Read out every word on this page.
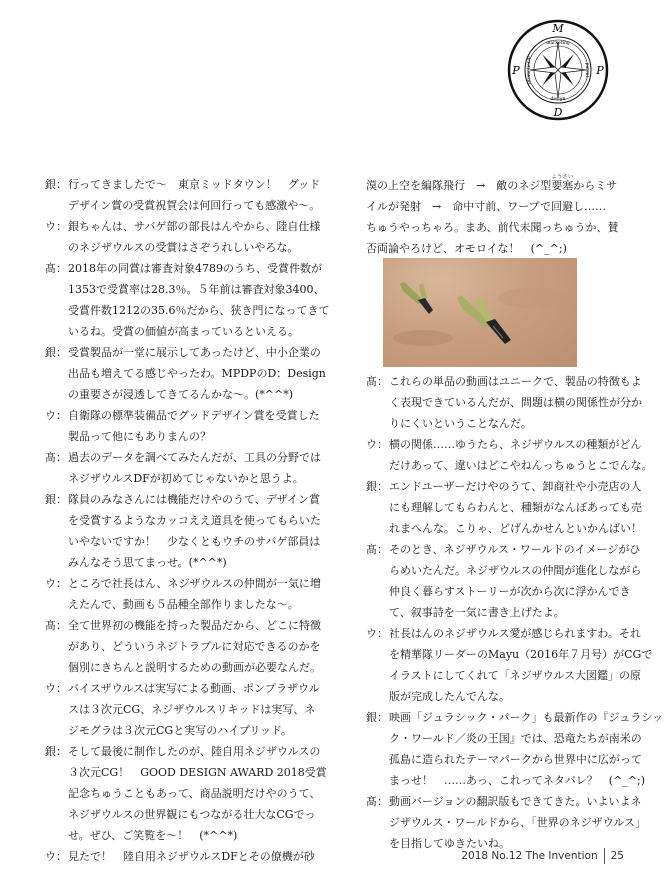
M
P	P
D
marketing
design
patent
promotional
銀： 行ってきましたで～　東京ミッドタウン！　グッド
デザイン賞の受賞祝賀会は何回行っても感激や～。
ウ： 銀ちゃんは、サバゲ部の部長はんやから、陸自仕様
のネジザウルスの受賞はさぞうれしいやろな。
髙： 2018年の同賞は審査対象4789のうち、受賞件数が
1353で受賞率は28.3％。５年前は審査対象3400、
受賞件数1212の35.6％だから、狭き門になってきて
いるね。受賞の価値が高まっているといえる。
銀： 受賞製品が一堂に展示してあったけど、中小企業の
出品も増えてる感じやったわ。MPDPのD：Design
の重要さが浸透してきてるんかな～。(*^^*)
ウ： 自衛隊の標準装備品でグッドデザイン賞を受賞した
製品って他にもありまんの？
髙： 過去のデータを調べてみたんだが、工具の分野では
ネジザウルスDFが初めてじゃないかと思うよ。
銀： 隊員のみなさんには機能だけやのうて、デザイン賞
を受賞するようなカッコええ道具を使ってもらいた
いやないですか！　少なくともウチのサバゲ部員は
みんなそう思てまっせ。(*^^*)
ウ： ところで社長はん、ネジザウルスの仲間が一気に増
えたんで、動画も５品種全部作りましたな～。
髙： 全て世界初の機能を持った製品だから、どこに特徴
があり、どういうネジトラブルに対応できるのかを
個別にきちんと説明するための動画が必要なんだ。
ウ： バイスザウルスは実写による動画、ポンプラザウル
スは３次元CG、ネジザウルスリキッドは実写、ネ
ジモグラは３次元CGと実写のハイブリッド。
銀： そして最後に制作したのが、陸自用ネジザウルスの
３次元CG！　GOOD DESIGN AWARD 2018受賞
記念ちゅうこともあって、商品説明だけやのうて、
ネジザウルスの世界観にもつながる壮大なCGでっ
せ。ぜひ、ご笑覧を～！　(*^^*)
ウ： 見たで！　陸自用ネジザウルスDFとその僚機が砂
漠の上空を編隊飛行　→　敵のネジ型要塞ようさいからミサ
イルが発射　→　命中寸前、ワープで回避し……
ちゅうやっちゃろ。まあ、前代未聞っちゅうか、賛
否両論やろけど、オモロイな！　(^_^;)
髙： これらの単品の動画はユニークで、製品の特徴もよ
く表現できているんだが、問題は横の関係性が分か
りにくいということなんだ。
ウ： 横の関係……ゆうたら、ネジザウルスの種類がどん
だけあって、違いはどこやねんっちゅうとこでんな。
銀： エンドユーザーだけやのうて、卸商社や小売店の人
にも理解してもらわんと、種類がなんぼあっても売
れまへんな。こりゃ、どげんかせんといかんばい！
髙： そのとき、ネジザウルス・ワールドのイメージがひ
らめいたんだ。ネジザウルスの仲間が進化しながら
仲良く暮らすストーリーが次から次に浮かんでき
て、叙事詩を一気に書き上げたよ。
ウ： 社長はんのネジザウルス愛が感じられますわ。それ
を精華隊リーダーのMayu（2016年７月号）がCGで
イラストにしてくれて「ネジザウルス大図鑑」の原
版が完成したんでんな。
銀： 映画「ジュラシック・パーク」も最新作の『ジュラシッ
ク・ワールド／炎の王国』では、恐竜たちが南米の
孤島に造られたテーマパークから世界中に広がって
まっせ！　……あっ、これってネタバレ？　(^_^;)
髙： 動画バージョンの翻訳版もできてきた。いよいよネ
ジザウルス・ワールドから、「世界のネジザウルス」
を目指してゆきたいね。
2018 No.12 The Invention 25
